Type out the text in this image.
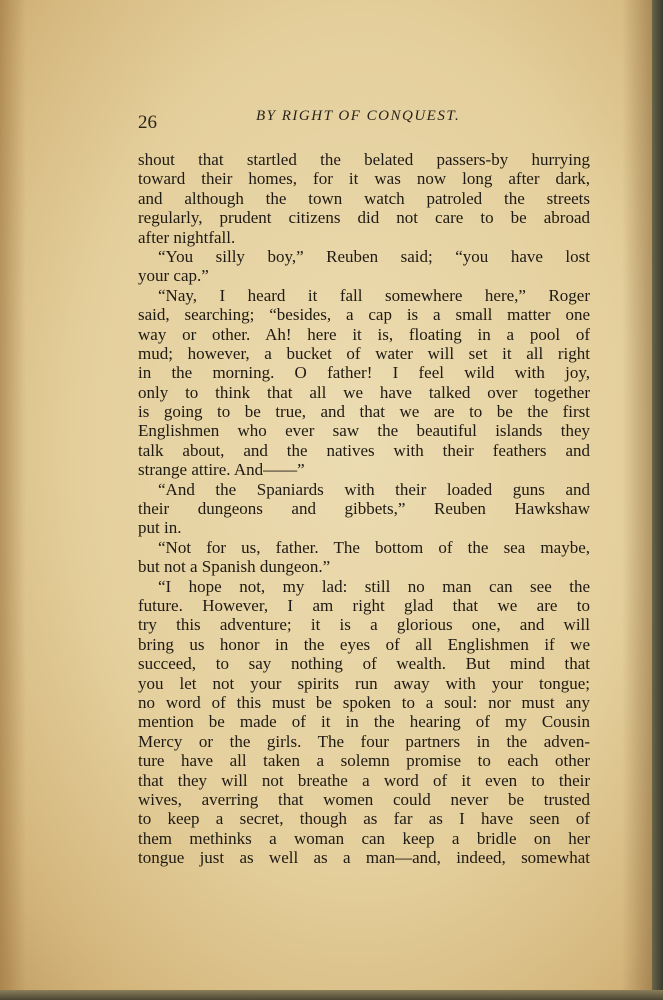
26	BY RIGHT OF CONQUEST.
shout that startled the belated passers-by hurrying
toward their homes, for it was now long after dark,
and although the town watch patroled the streets
regularly, prudent citizens did not care to be abroad
after nightfall.
“You silly boy,” Reuben said; “you have lost
your cap.”
“Nay, I heard it fall somewhere here,” Roger
said, searching; “besides, a cap is a small matter one
way or other. Ah! here it is, floating in a pool of
mud; however, a bucket of water will set it all right
in the morning. O father! I feel wild with joy,
only to think that all we have talked over together
is going to be true, and that we are to be the first
Englishmen who ever saw the beautiful islands they
talk about, and the natives with their feathers and
strange attire. And——”
“And the Spaniards with their loaded guns and
their dungeons and gibbets,” Reuben Hawkshaw
put in.
“Not for us, father. The bottom of the sea maybe,
but not a Spanish dungeon.”
“I hope not, my lad: still no man can see the
future. However, I am right glad that we are to
try this adventure; it is a glorious one, and will
bring us honor in the eyes of all Englishmen if we
succeed, to say nothing of wealth. But mind that
you let not your spirits run away with your tongue;
no word of this must be spoken to a soul: nor must any
mention be made of it in the hearing of my Cousin
Mercy or the girls. The four partners in the adven-
ture have all taken a solemn promise to each other
that they will not breathe a word of it even to their
wives, averring that women could never be trusted
to keep a secret, though as far as I have seen of
them methinks a woman can keep a bridle on her
tongue just as well as a man—and, indeed, somewhat
